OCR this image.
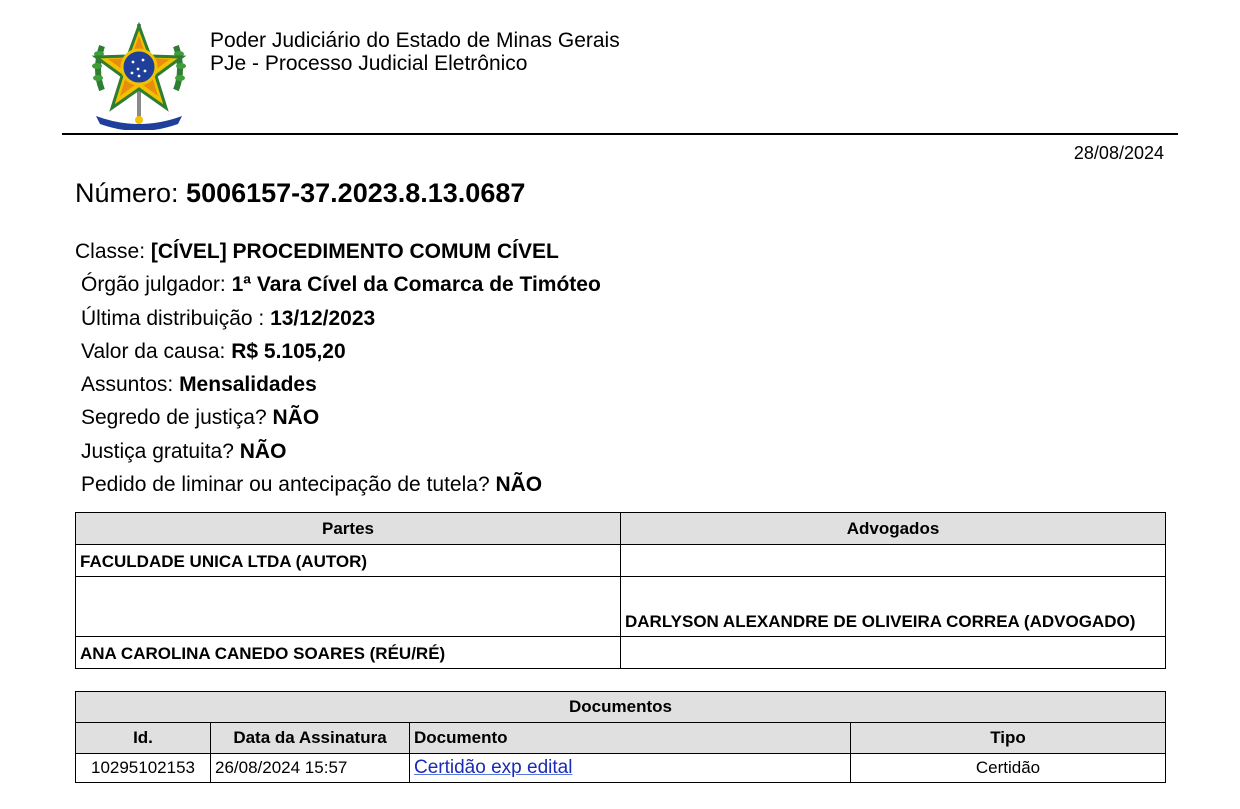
Poder Judiciário do Estado de Minas Gerais
PJe - Processo Judicial Eletrônico
28/08/2024
Número: 5006157-37.2023.8.13.0687
Classe: [CÍVEL] PROCEDIMENTO COMUM CÍVEL
Órgão julgador: 1ª Vara Cível da Comarca de Timóteo
Última distribuição : 13/12/2023
Valor da causa: R$ 5.105,20
Assuntos: Mensalidades
Segredo de justiça? NÃO
Justiça gratuita? NÃO
Pedido de liminar ou antecipação de tutela? NÃO
Partes	Advogados
FACULDADE UNICA LTDA (AUTOR)	

	DARLYSON ALEXANDRE DE OLIVEIRA CORREA (ADVOGADO)

ANA CAROLINA CANEDO SOARES (RÉU/RÉ)	
Documentos			
Id.	Data da Assinatura	Documento	Tipo
10295102153	26/08/2024 15:57	Certidão exp edital	Certidão
